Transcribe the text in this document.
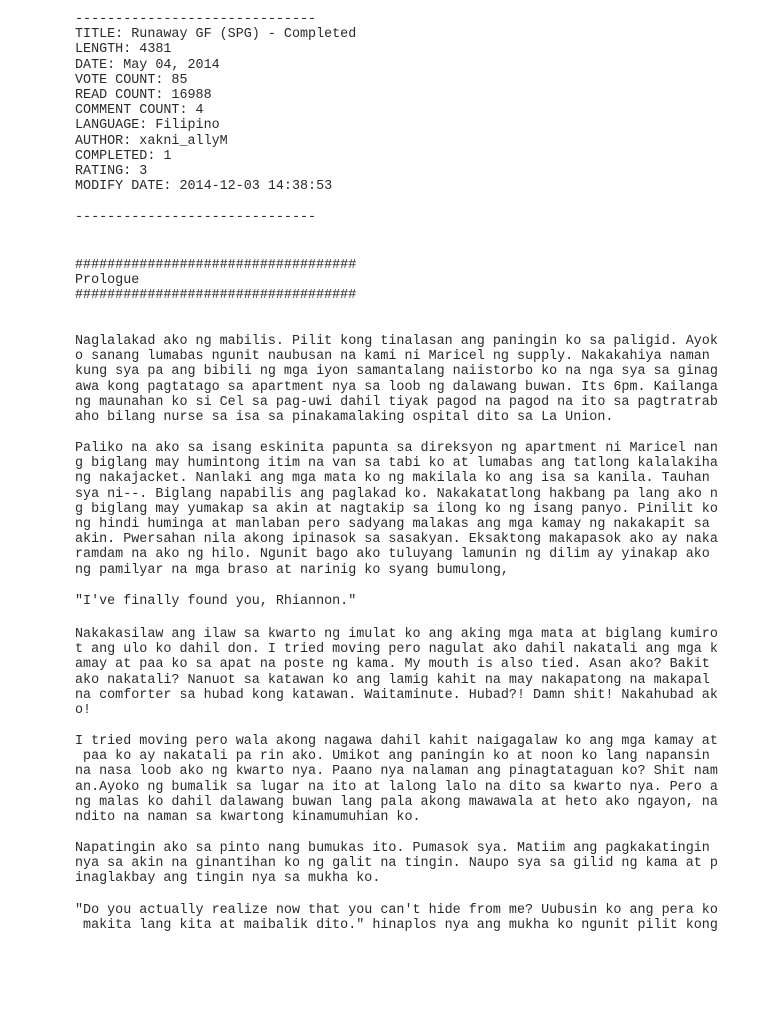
------------------------------
TITLE: Runaway GF (SPG) - Completed
LENGTH: 4381
DATE: May 04, 2014
VOTE COUNT: 85
READ COUNT: 16988
COMMENT COUNT: 4
LANGUAGE: Filipino
AUTHOR: xakni_allyM
COMPLETED: 1
RATING: 3
MODIFY DATE: 2014-12-03 14:38:53
------------------------------
###################################
Prologue
###################################
Naglalakad ako ng mabilis. Pilit kong tinalasan ang paningin ko sa paligid. Ayok
o sanang lumabas ngunit naubusan na kami ni Maricel ng supply. Nakakahiya naman
kung sya pa ang bibili ng mga iyon samantalang naiistorbo ko na nga sya sa ginag
awa kong pagtatago sa apartment nya sa loob ng dalawang buwan. Its 6pm. Kailanga
ng maunahan ko si Cel sa pag-uwi dahil tiyak pagod na pagod na ito sa pagtratrab
aho bilang nurse sa isa sa pinakamalaking ospital dito sa La Union.
Paliko na ako sa isang eskinita papunta sa direksyon ng apartment ni Maricel nan
g biglang may humintong itim na van sa tabi ko at lumabas ang tatlong kalalakiha
ng nakajacket. Nanlaki ang mga mata ko ng makilala ko ang isa sa kanila. Tauhan
sya ni--. Biglang napabilis ang paglakad ko. Nakakatatlong hakbang pa lang ako n
g biglang may yumakap sa akin at nagtakip sa ilong ko ng isang panyo. Pinilit ko
ng hindi huminga at manlaban pero sadyang malakas ang mga kamay ng nakakapit sa
akin. Pwersahan nila akong ipinasok sa sasakyan. Eksaktong makapasok ako ay naka
ramdam na ako ng hilo. Ngunit bago ako tuluyang lamunin ng dilim ay yinakap ako
ng pamilyar na mga braso at narinig ko syang bumulong,
"I've finally found you, Rhiannon."
Nakakasilaw ang ilaw sa kwarto ng imulat ko ang aking mga mata at biglang kumiro
t ang ulo ko dahil don. I tried moving pero nagulat ako dahil nakatali ang mga k
amay at paa ko sa apat na poste ng kama. My mouth is also tied. Asan ako? Bakit
ako nakatali? Nanuot sa katawan ko ang lamig kahit na may nakapatong na makapal
na comforter sa hubad kong katawan. Waitaminute. Hubad?! Damn shit! Nakahubad ak
o!
I tried moving pero wala akong nagawa dahil kahit naigagalaw ko ang mga kamay at
paa ko ay nakatali pa rin ako. Umikot ang paningin ko at noon ko lang napansin
na nasa loob ako ng kwarto nya. Paano nya nalaman ang pinagtataguan ko? Shit nam
an.Ayoko ng bumalik sa lugar na ito at lalong lalo na dito sa kwarto nya. Pero a
ng malas ko dahil dalawang buwan lang pala akong mawawala at heto ako ngayon, na
ndito na naman sa kwartong kinamumuhian ko.
Napatingin ako sa pinto nang bumukas ito. Pumasok sya. Matiim ang pagkakatingin
nya sa akin na ginantihan ko ng galit na tingin. Naupo sya sa gilid ng kama at p
inaglakbay ang tingin nya sa mukha ko.
"Do you actually realize now that you can't hide from me? Uubusin ko ang pera ko
makita lang kita at maibalik dito." hinaplos nya ang mukha ko ngunit pilit kong
